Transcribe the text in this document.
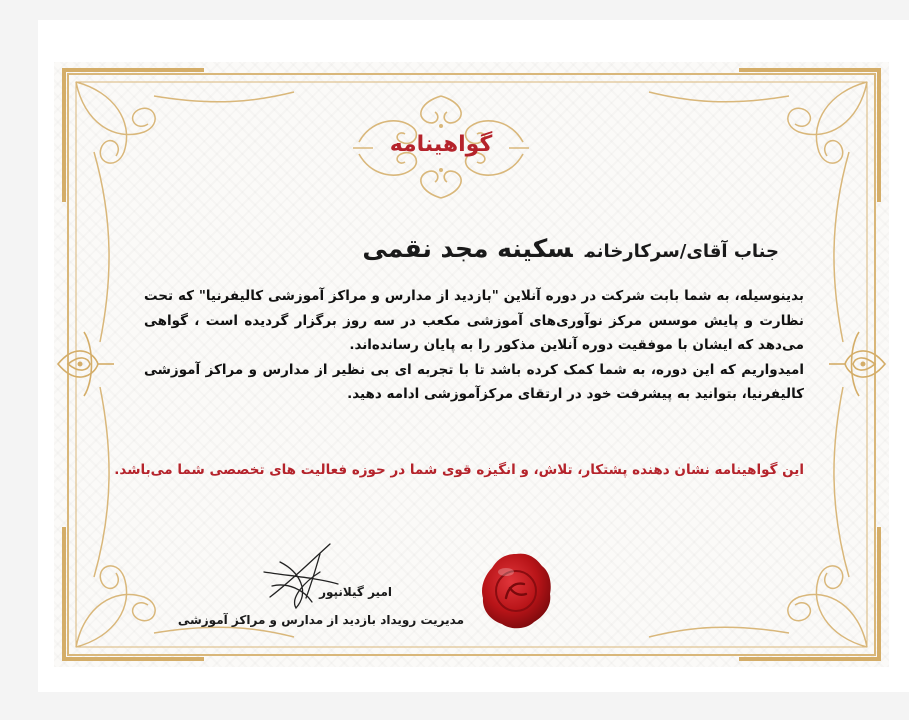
گواهینامه
جناب آقای/سرکارخانمسکینه مجد نقمی

بدینوسیله، به شما بابت شرکت در دوره آنلاین "بازدید از مدارس و مراکز آموزشی کالیفرنیا" که تحت نظارت و پایش موسس مرکز نوآوری‌های آموزشی مکعب در سه روز برگزار گردیده است ، گواهی می‌دهد که ایشان با موفقیت دوره آنلاین مذکور را به پایان رسانده‌اند.

امیدواریم که این دوره، به شما کمک کرده باشد تا با تجربه ای بی نظیر از مدارس و مراکز آموزشی کالیفرنیا، بتوانید به پیشرفت خود در ارتقای مرکز‌آموزشی ادامه دهید.

این گواهینامه نشان دهنده پشتکار، تلاش، و انگیزه قوی شما در حوزه فعالیت های تخصصی شما می‌باشد.
امیر گیلانپور
مدیریت رویداد بازدید از مدارس و مراکز آموزشی
